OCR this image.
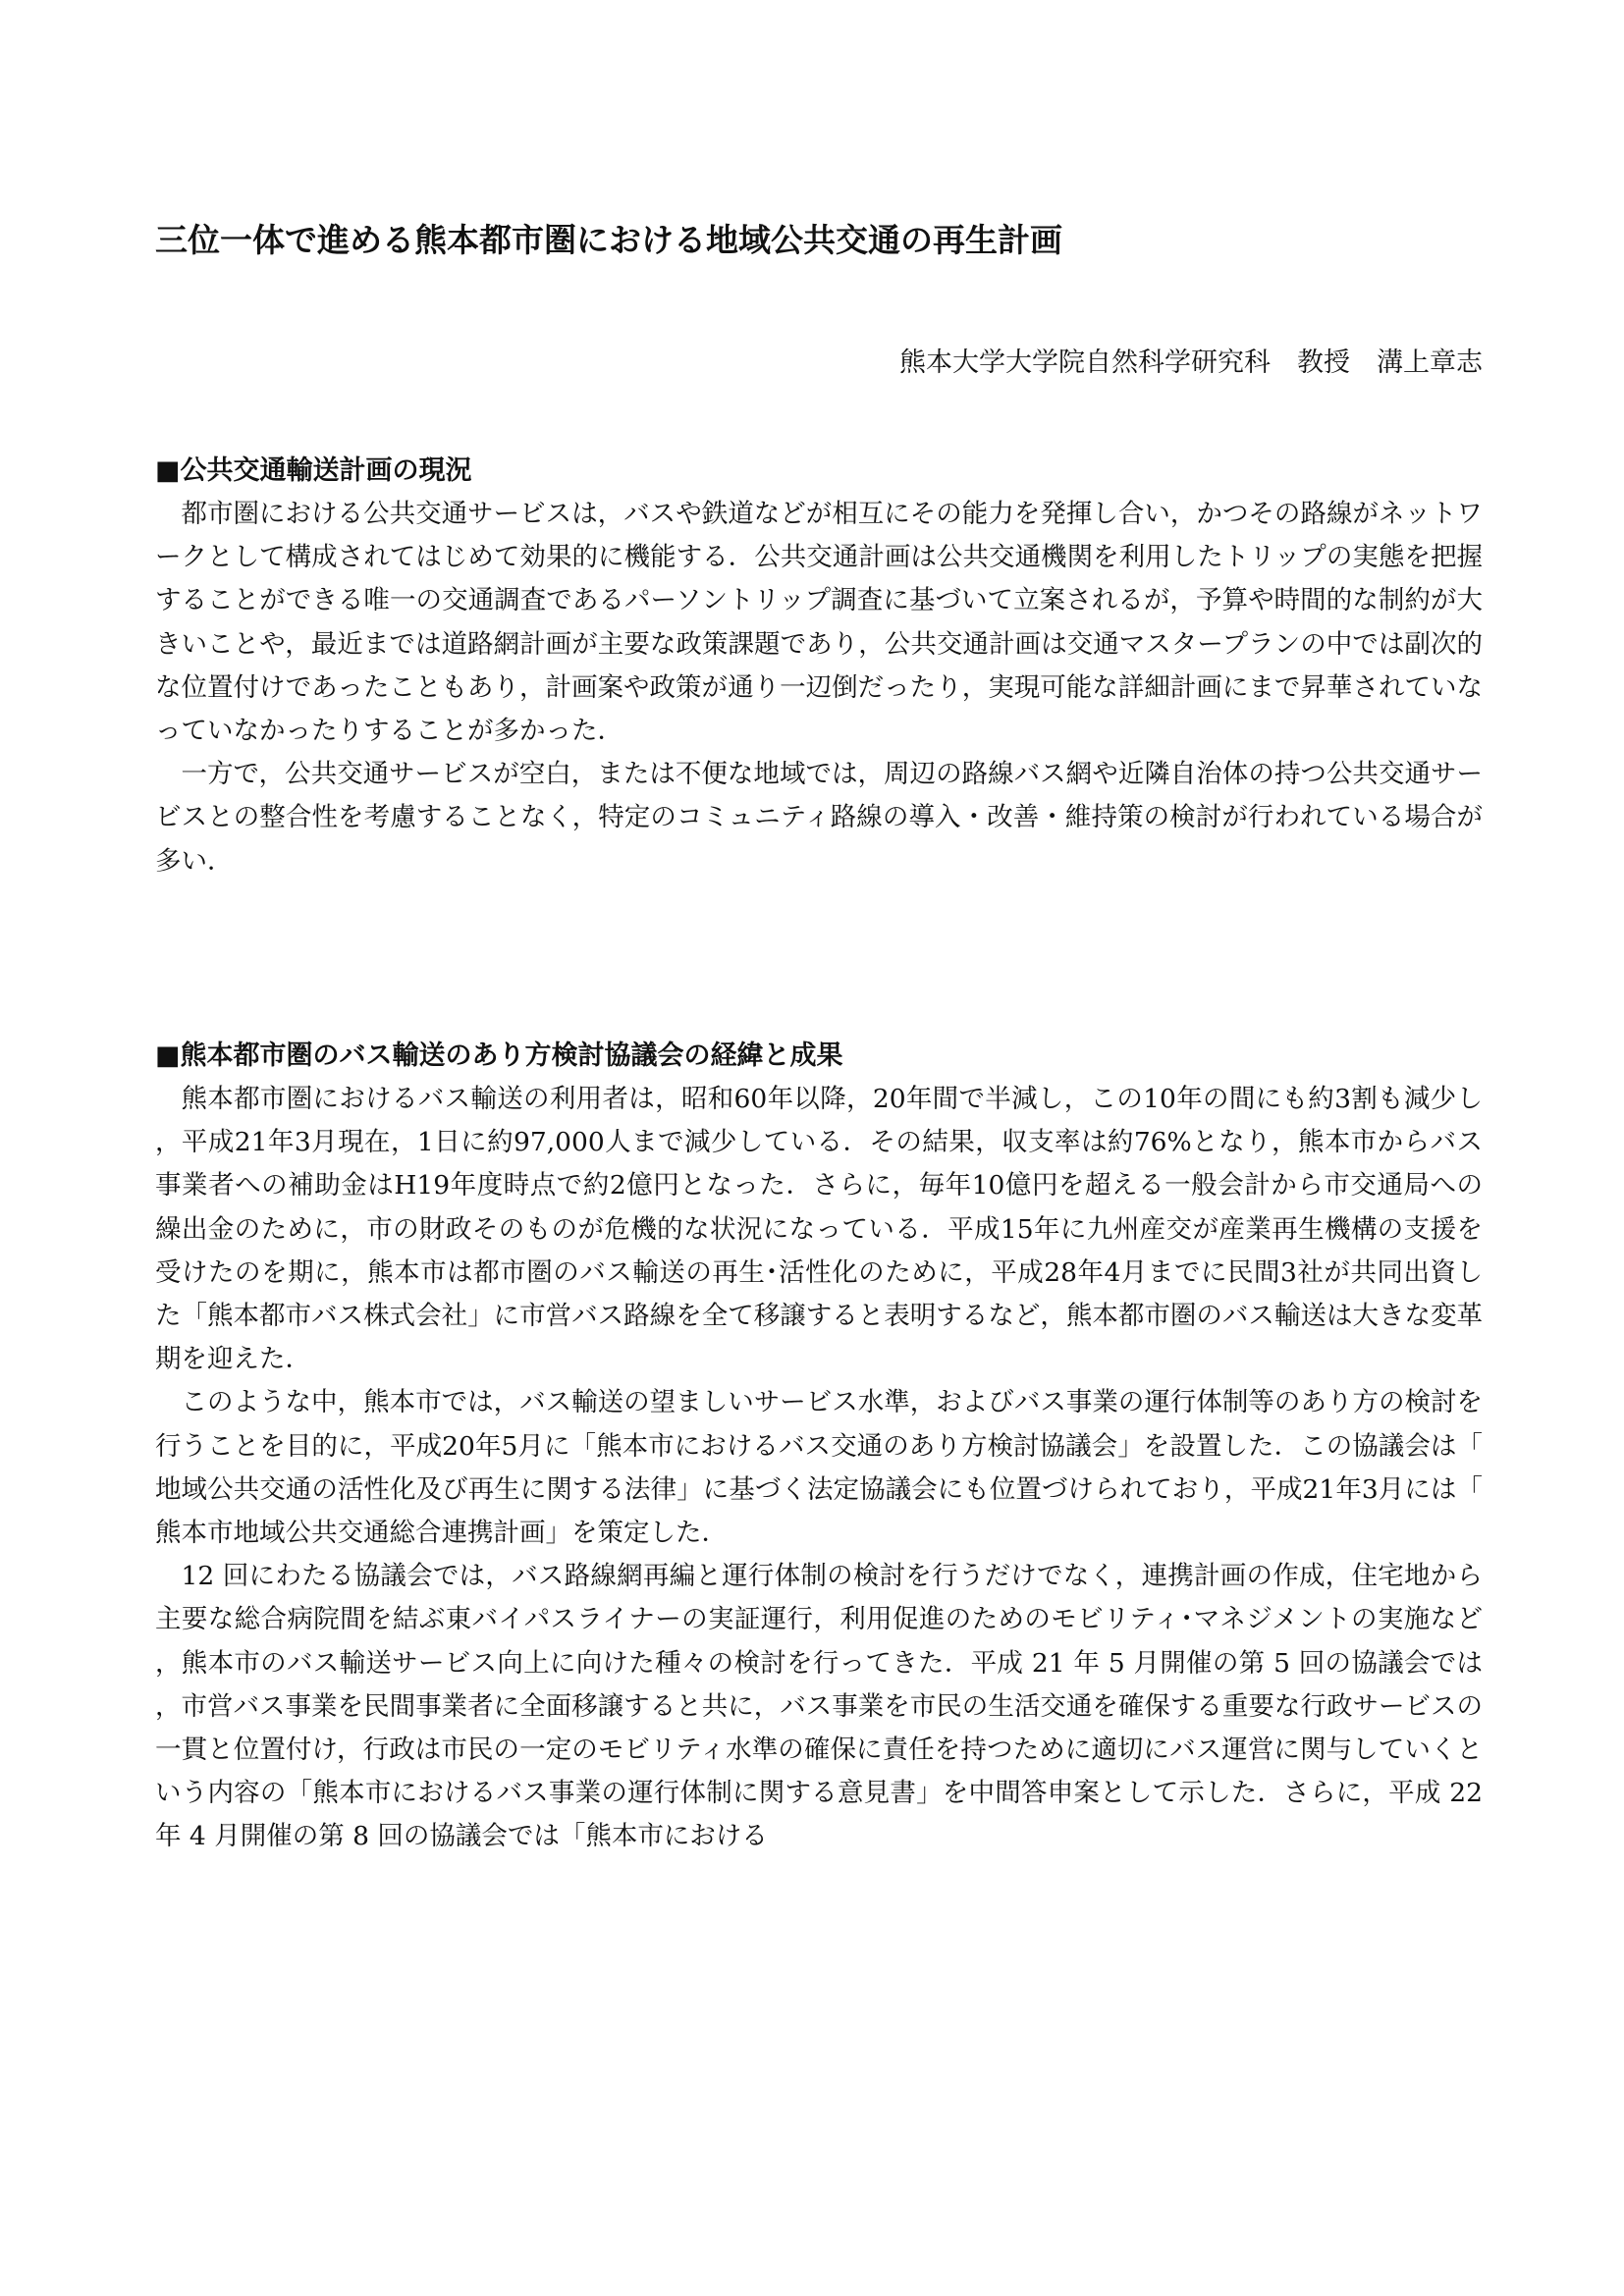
三位一体で進める熊本都市圏における地域公共交通の再生計画
熊本大学大学院自然科学研究科　教授　溝上章志
■公共交通輸送計画の現況

都市圏における公共交通サービスは，バスや鉄道などが相互にその能力を発揮し合い，かつその路線がネットワークとして構成されてはじめて効果的に機能する．公共交通計画は公共交通機関を利用したトリップの実態を把握することができる唯一の交通調査であるパーソントリップ調査に基づいて立案されるが，予算や時間的な制約が大きいことや，最近までは道路網計画が主要な政策課題であり，公共交通計画は交通マスタープランの中では副次的な位置付けであったこともあり，計画案や政策が通り一辺倒だったり，実現可能な詳細計画にまで昇華されていなっていなかったりすることが多かった．

一方で，公共交通サービスが空白，または不便な地域では，周辺の路線バス網や近隣自治体の持つ公共交通サービスとの整合性を考慮することなく，特定のコミュニティ路線の導入・改善・維持策の検討が行われている場合が多い．

■熊本都市圏のバス輸送のあり方検討協議会の経緯と成果

熊本都市圏におけるバス輸送の利用者は，昭和60年以降，20年間で半減し，この10年の間にも約3割も減少し，平成21年3月現在，1日に約97,000人まで減少している．その結果，収支率は約76%となり，熊本市からバス事業者への補助金はH19年度時点で約2億円となった．さらに，毎年10億円を超える一般会計から市交通局への繰出金のために，市の財政そのものが危機的な状況になっている．平成15年に九州産交が産業再生機構の支援を受けたのを期に，熊本市は都市圏のバス輸送の再生･活性化のために，平成28年4月までに民間3社が共同出資した「熊本都市バス株式会社」に市営バス路線を全て移譲すると表明するなど，熊本都市圏のバス輸送は大きな変革期を迎えた．

このような中，熊本市では，バス輸送の望ましいサービス水準，およびバス事業の運行体制等のあり方の検討を行うことを目的に，平成20年5月に「熊本市におけるバス交通のあり方検討協議会」を設置した．この協議会は「地域公共交通の活性化及び再生に関する法律」に基づく法定協議会にも位置づけられており，平成21年3月には「熊本市地域公共交通総合連携計画」を策定した．

12 回にわたる協議会では，バス路線網再編と運行体制の検討を行うだけでなく，連携計画の作成，住宅地から主要な総合病院間を結ぶ東バイパスライナーの実証運行，利用促進のためのモビリティ･マネジメントの実施など，熊本市のバス輸送サービス向上に向けた種々の検討を行ってきた．平成 21 年 5 月開催の第 5 回の協議会では，市営バス事業を民間事業者に全面移譲すると共に，バス事業を市民の生活交通を確保する重要な行政サービスの一貫と位置付け，行政は市民の一定のモビリティ水準の確保に責任を持つために適切にバス運営に関与していくという内容の「熊本市におけるバス事業の運行体制に関する意見書」を中間答申案として示した．さらに，平成 22 年 4 月開催の第 8 回の協議会では「熊本市における
